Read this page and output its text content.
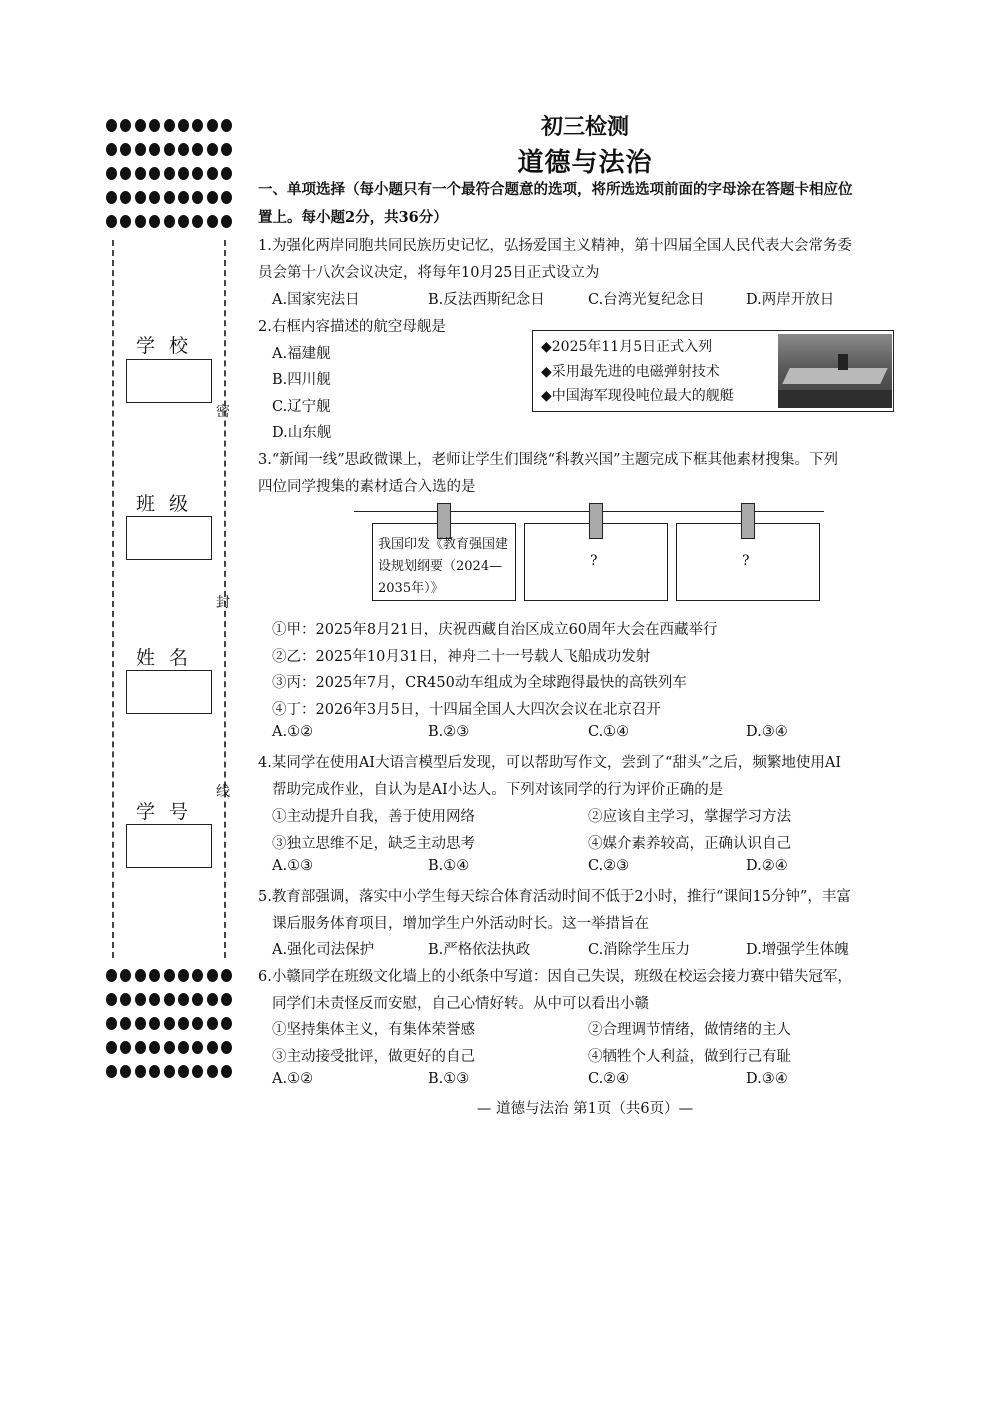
学校
班级
姓名
学号
密
封
线
初三检测
道德与法治
一、单项选择（每小题只有一个最符合题意的选项，将所选选项前面的字母涂在答题卡相应位
置上。每小题2分，共36分）
1.为强化两岸同胞共同民族历史记忆，弘扬爱国主义精神，第十四届全国人民代表大会常务委
员会第十八次会议决定，将每年10月25日正式设立为
A.国家宪法日	B.反法西斯纪念日	C.台湾光复纪念日	D.两岸开放日
2.右框内容描述的航空母舰是
A.福建舰
B.四川舰
C.辽宁舰
D.山东舰
◆2025年11月5日正式入列
◆采用最先进的电磁弹射技术
◆中国海军现役吨位最大的舰艇
3.“新闻一线”思政微课上，老师让学生们围绕“科教兴国”主题完成下框其他素材搜集。下列
四位同学搜集的素材适合入选的是
我国印发《教育强国建设规划纲要（2024—2035年）》
?	?
①甲：2025年8月21日，庆祝西藏自治区成立60周年大会在西藏举行
②乙：2025年10月31日，神舟二十一号载人飞船成功发射
③丙：2025年7月，CR450动车组成为全球跑得最快的高铁列车
④丁：2026年3月5日，十四届全国人大四次会议在北京召开
A.①②	B.②③	C.①④	D.③④
4.某同学在使用AI大语言模型后发现，可以帮助写作文，尝到了“甜头”之后，频繁地使用AI
帮助完成作业，自认为是AI小达人。下列对该同学的行为评价正确的是
①主动提升自我，善于使用网络	②应该自主学习，掌握学习方法
③独立思维不足，缺乏主动思考	④媒介素养较高，正确认识自己
A.①③	B.①④	C.②③	D.②④
5.教育部强调，落实中小学生每天综合体育活动时间不低于2小时，推行“课间15分钟”，丰富
课后服务体育项目，增加学生户外活动时长。这一举措旨在
A.强化司法保护	B.严格依法执政	C.消除学生压力	D.增强学生体魄
6.小赣同学在班级文化墙上的小纸条中写道：因自己失误，班级在校运会接力赛中错失冠军，
同学们未责怪反而安慰，自己心情好转。从中可以看出小赣
①坚持集体主义，有集体荣誉感	②合理调节情绪，做情绪的主人
③主动接受批评，做更好的自己	④牺牲个人利益，做到行己有耻
A.①②	B.①③	C.②④	D.③④
— 道德与法治 第1页（共6页）—
